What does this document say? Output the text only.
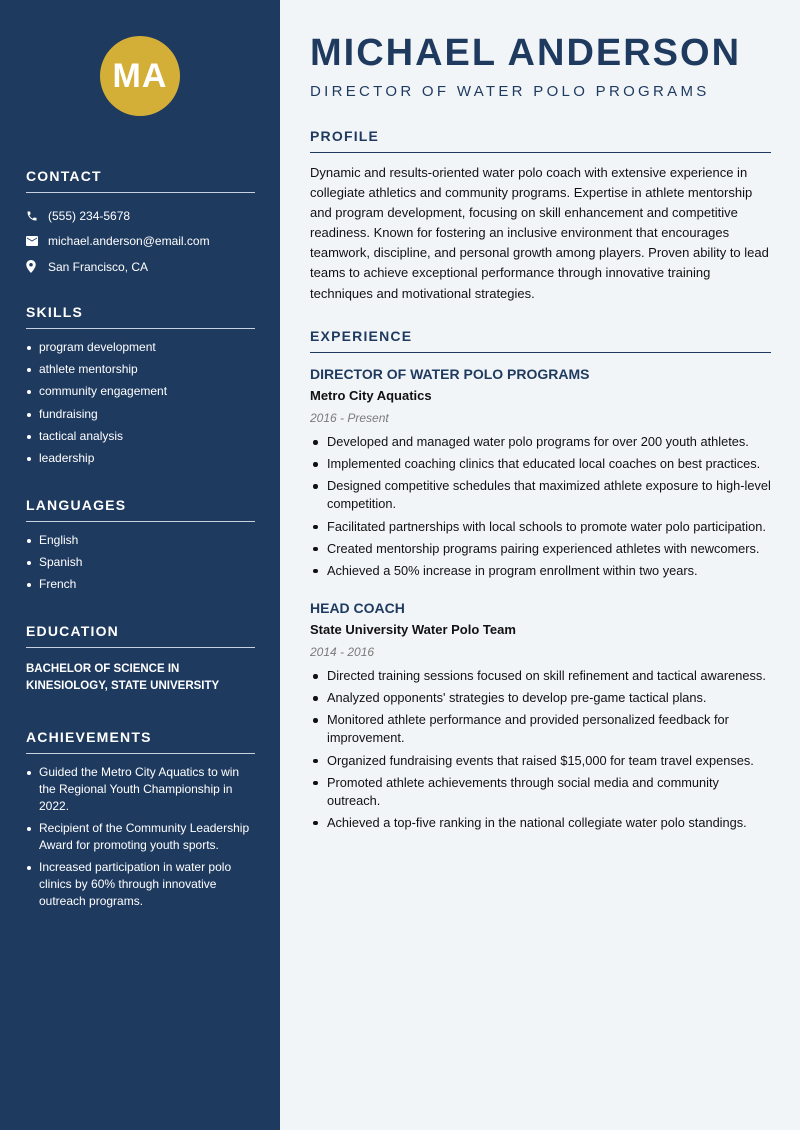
MA
CONTACT
(555) 234-5678
michael.anderson@email.com
San Francisco, CA
SKILLS
program development
athlete mentorship
community engagement
fundraising
tactical analysis
leadership
LANGUAGES
English
Spanish
French
EDUCATION
BACHELOR OF SCIENCE IN KINESIOLOGY, STATE UNIVERSITY
ACHIEVEMENTS
Guided the Metro City Aquatics to win the Regional Youth Championship in 2022.
Recipient of the Community Leadership Award for promoting youth sports.
Increased participation in water polo clinics by 60% through innovative outreach programs.
MICHAEL ANDERSON
DIRECTOR OF WATER POLO PROGRAMS
PROFILE

Dynamic and results-oriented water polo coach with extensive experience in collegiate athletics and community programs. Expertise in athlete mentorship and program development, focusing on skill enhancement and competitive readiness. Known for fostering an inclusive environment that encourages teamwork, discipline, and personal growth among players. Proven ability to lead teams to achieve exceptional performance through innovative training techniques and motivational strategies.

EXPERIENCE
DIRECTOR OF WATER POLO PROGRAMS
Metro City Aquatics
2016 - Present
Developed and managed water polo programs for over 200 youth athletes.
Implemented coaching clinics that educated local coaches on best practices.
Designed competitive schedules that maximized athlete exposure to high-level competition.
Facilitated partnerships with local schools to promote water polo participation.
Created mentorship programs pairing experienced athletes with newcomers.
Achieved a 50% increase in program enrollment within two years.
HEAD COACH
State University Water Polo Team
2014 - 2016
Directed training sessions focused on skill refinement and tactical awareness.
Analyzed opponents' strategies to develop pre-game tactical plans.
Monitored athlete performance and provided personalized feedback for improvement.
Organized fundraising events that raised $15,000 for team travel expenses.
Promoted athlete achievements through social media and community outreach.
Achieved a top-five ranking in the national collegiate water polo standings.
